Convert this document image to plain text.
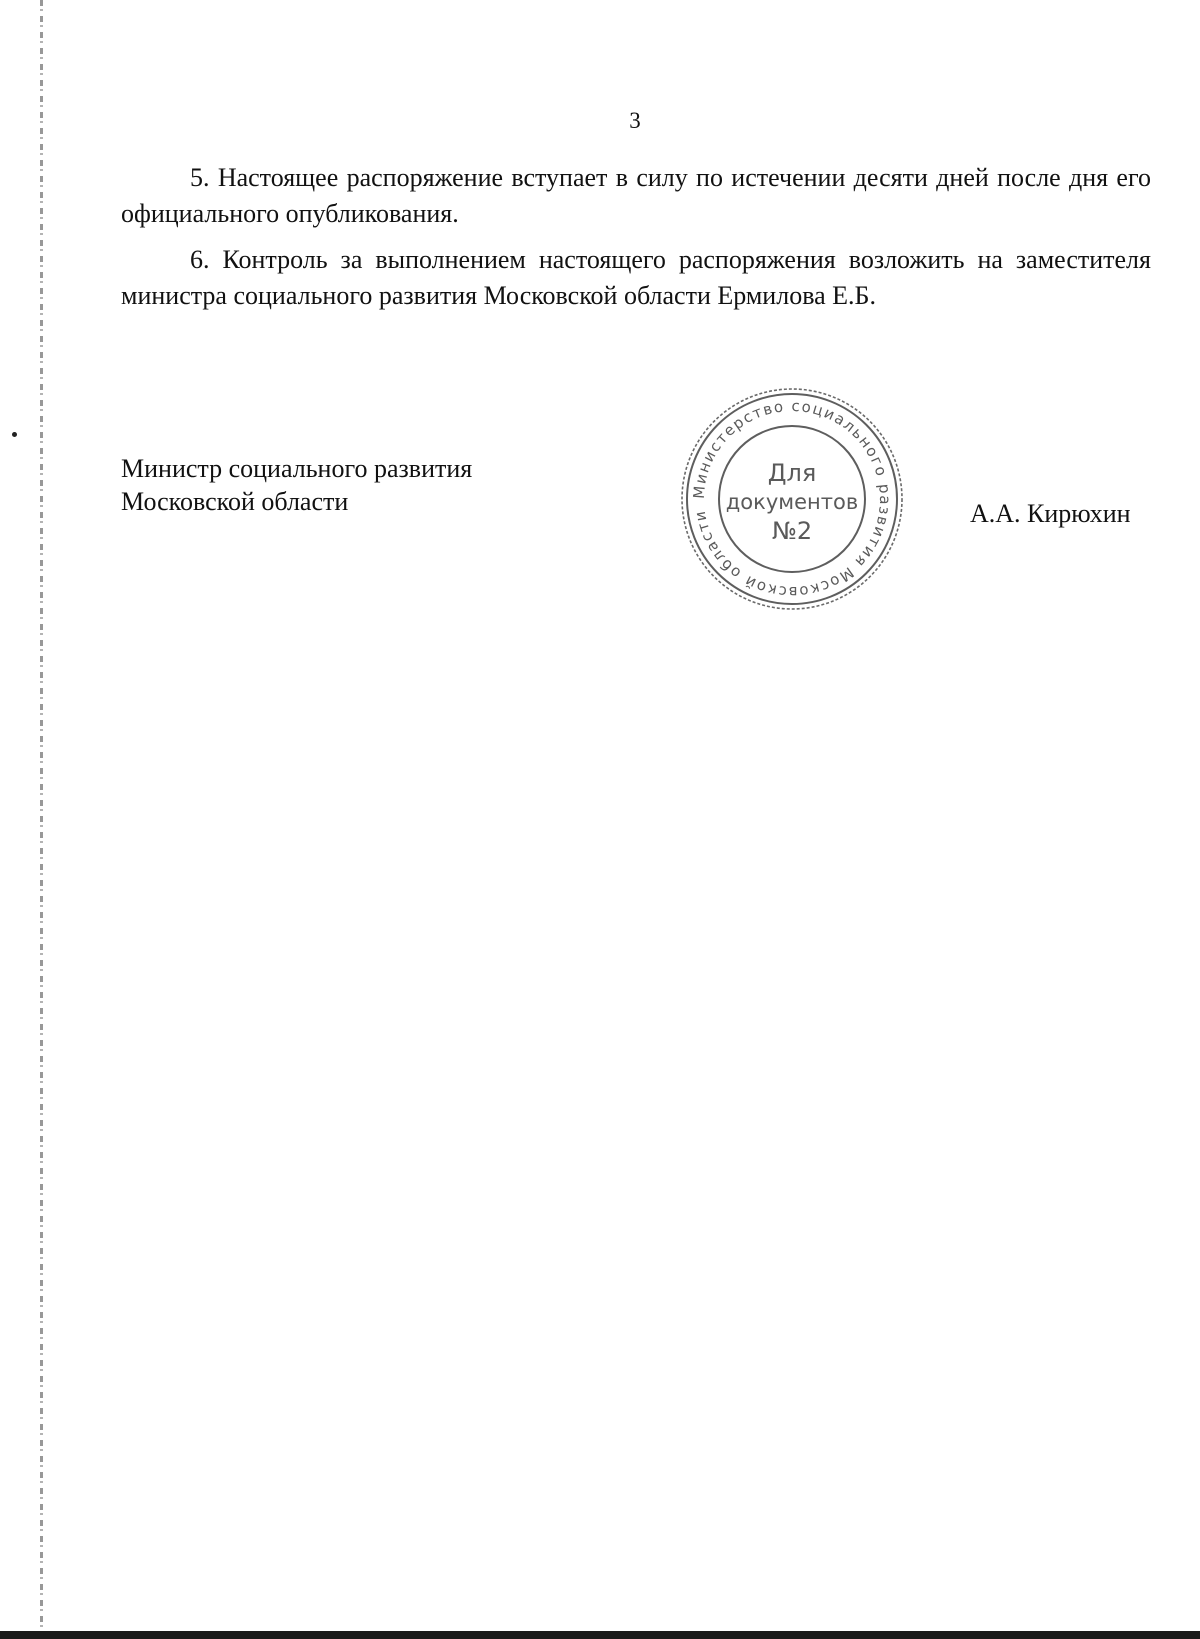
3

5. Настоящее распоряжение вступает в силу по истечении десяти дней после дня его официального опубликования.

6. Контроль за выполнением настоящего распоряжения возложить на заместителя министра социального развития Московской области Ермилова Е.Б.

Министр социального развития
Московской области	А.А. Кирюхин
Министерство социального развития Московской области
Для
документов
№2
